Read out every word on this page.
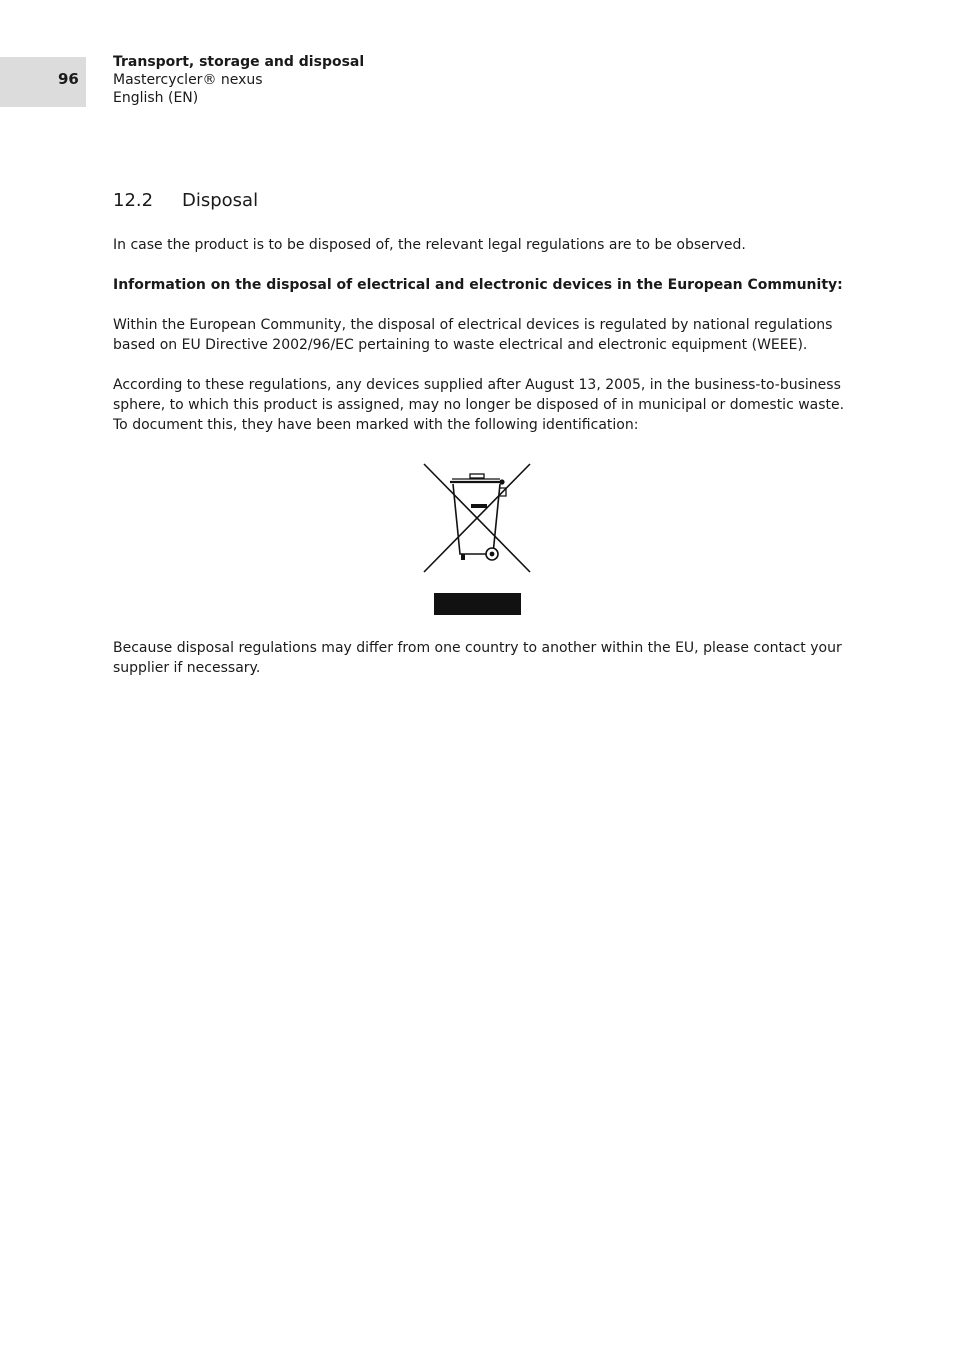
96
Transport, storage and disposal
Mastercycler® nexus
English (EN)
12.2 Disposal

In case the product is to be disposed of, the relevant legal regulations are to be observed.

Information on the disposal of electrical and electronic devices in the European Community:

Within the European Community, the disposal of electrical devices is regulated by national regulations based on EU Directive 2002/96/EC pertaining to waste electrical and electronic equipment (WEEE).

According to these regulations, any devices supplied after August 13, 2005, in the business-to-business sphere, to which this product is assigned, may no longer be disposed of in municipal or domestic waste. To document this, they have been marked with the following identification:

Because disposal regulations may differ from one country to another within the EU, please contact your supplier if necessary.
